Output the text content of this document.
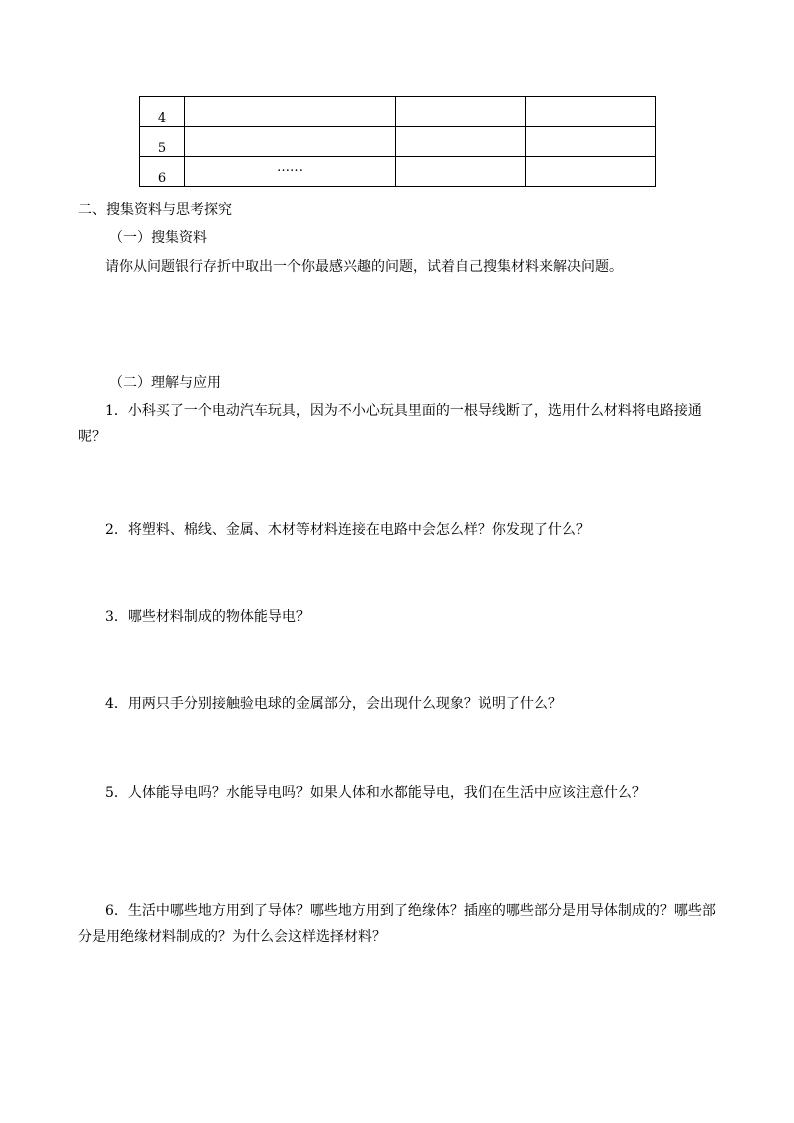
4			
5			
6	……		
二、搜集资料与思考探究
（一）搜集资料
请你从问题银行存折中取出一个你最感兴趣的问题，试着自己搜集材料来解决问题。
（二）理解与应用
1．小科买了一个电动汽车玩具，因为不小心玩具里面的一根导线断了，选用什么材料将电路接通呢？
2．将塑料、棉线、金属、木材等材料连接在电路中会怎么样？你发现了什么？
3．哪些材料制成的物体能导电？
4．用两只手分别接触验电球的金属部分，会出现什么现象？说明了什么？
5．人体能导电吗？水能导电吗？如果人体和水都能导电，我们在生活中应该注意什么？
6．生活中哪些地方用到了导体？哪些地方用到了绝缘体？插座的哪些部分是用导体制成的？哪些部分是用绝缘材料制成的？为什么会这样选择材料？
